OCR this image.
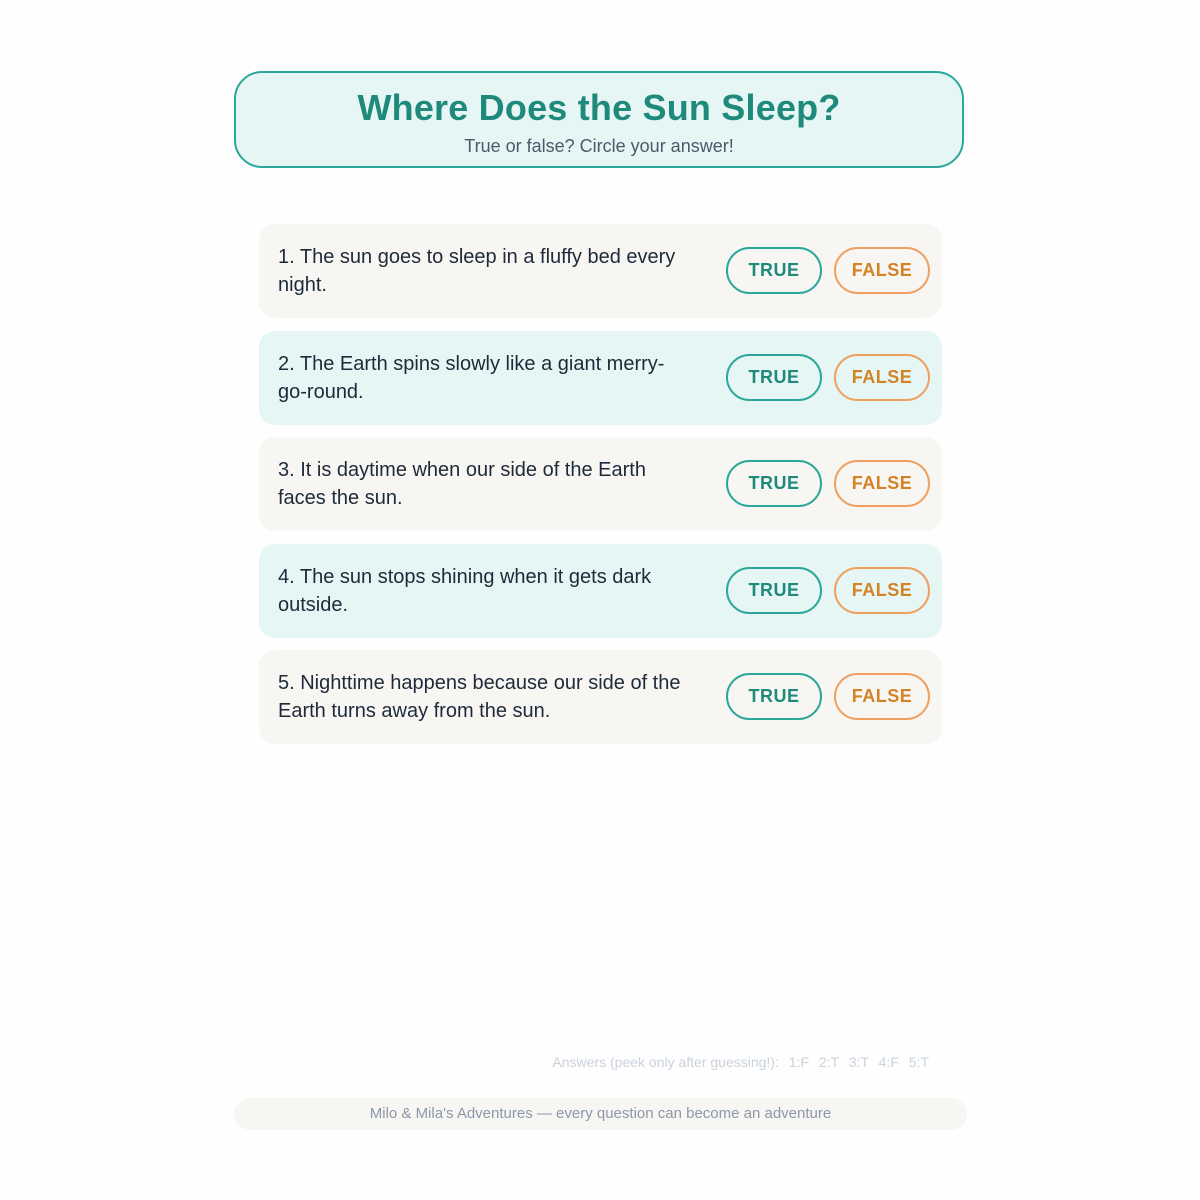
Where Does the Sun Sleep?
True or false? Circle your answer!
1. The sun goes to sleep in a fluffy bed every night.
TRUE	FALSE
2. The Earth spins slowly like a giant merry-go-round.
TRUE	FALSE
3. It is daytime when our side of the Earth faces the sun.
TRUE	FALSE
4. The sun stops shining when it gets dark outside.
TRUE	FALSE
5. Nighttime happens because our side of the Earth turns away from the sun.
TRUE	FALSE
Answers (peek only after guessing!): 1:F 2:T 3:T 4:F 5:T
Milo & Mila's Adventures — every question can become an adventure
